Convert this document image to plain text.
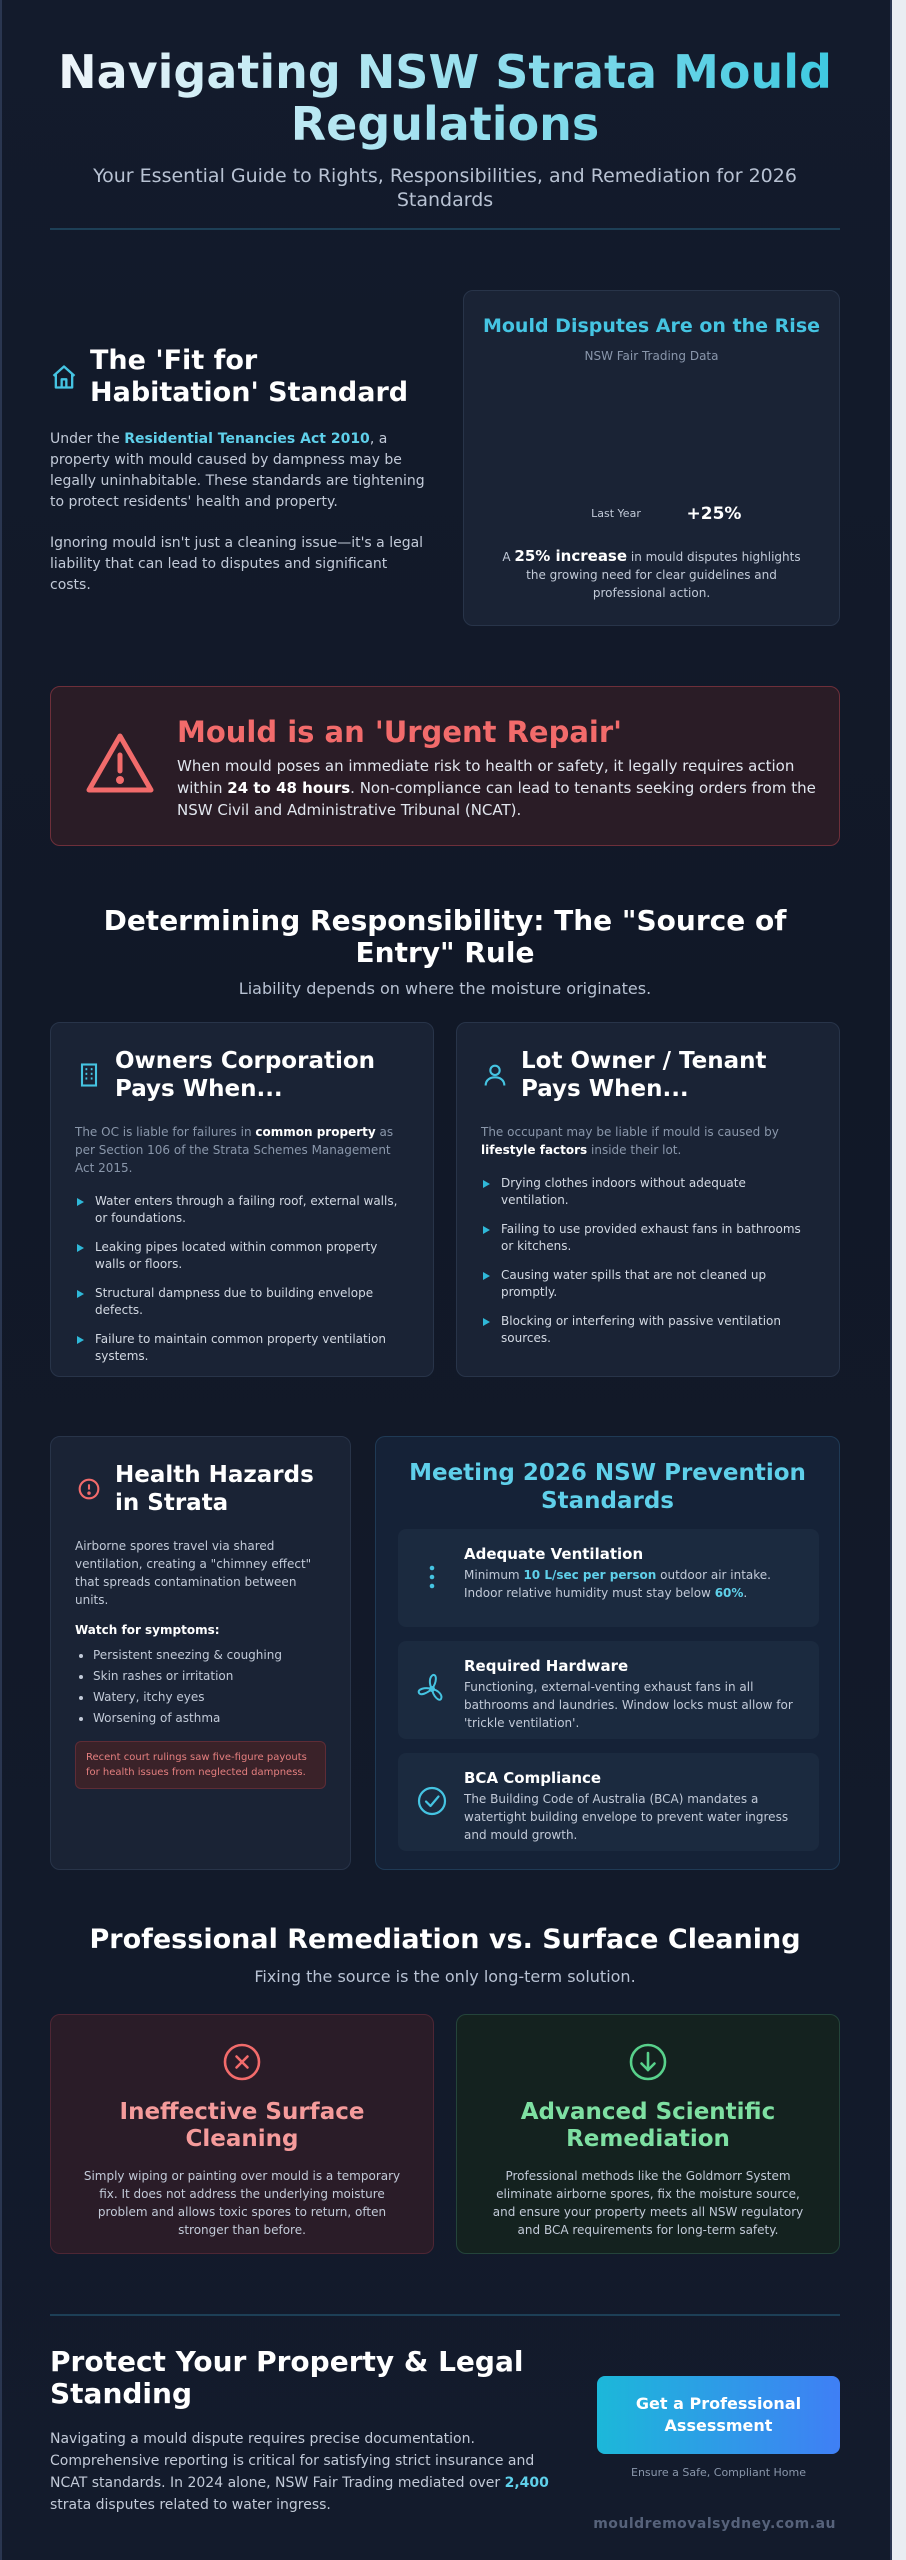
Navigating NSW Strata Mould Regulations

Your Essential Guide to Rights, Responsibilities, and Remediation for 2026 Standards

The 'Fit for Habitation' Standard

Under the Residential Tenancies Act 2010, a property with mould caused by dampness may be legally uninhabitable. These standards are tightening to protect residents' health and property.

Ignoring mould isn't just a cleaning issue—it's a legal liability that can lead to disputes and significant costs.

Mould Disputes Are on the Rise
NSW Fair Trading Data
Last Year	+25%

A 25% increase in mould disputes highlights the growing need for clear guidelines and professional action.

Mould is an 'Urgent Repair'

When mould poses an immediate risk to health or safety, it legally requires action within 24 to 48 hours. Non-compliance can lead to tenants seeking orders from the NSW Civil and Administrative Tribunal (NCAT).

Determining Responsibility: The "Source of Entry" Rule

Liability depends on where the moisture originates.

Owners Corporation Pays When...

The OC is liable for failures in common property as per Section 106 of the Strata Schemes Management Act 2015.

Water enters through a failing roof, external walls, or foundations.
Leaking pipes located within common property walls or floors.
Structural dampness due to building envelope defects.
Failure to maintain common property ventilation systems.
Lot Owner / Tenant Pays When...

The occupant may be liable if mould is caused by lifestyle factors inside their lot.

Drying clothes indoors without adequate ventilation.
Failing to use provided exhaust fans in bathrooms or kitchens.
Causing water spills that are not cleaned up promptly.
Blocking or interfering with passive ventilation sources.
Health Hazards in Strata

Airborne spores travel via shared ventilation, creating a "chimney effect" that spreads contamination between units.

Watch for symptoms:
• Persistent sneezing & coughing
• Skin rashes or irritation
• Watery, itchy eyes
• Worsening of asthma
Recent court rulings saw five-figure payouts for health issues from neglected dampness.
Meeting 2026 NSW Prevention Standards
Adequate Ventilation

Minimum 10 L/sec per person outdoor air intake. Indoor relative humidity must stay below 60%.

Required Hardware

Functioning, external-venting exhaust fans in all bathrooms and laundries. Window locks must allow for 'trickle ventilation'.

BCA Compliance

The Building Code of Australia (BCA) mandates a watertight building envelope to prevent water ingress and mould growth.

Professional Remediation vs. Surface Cleaning

Fixing the source is the only long-term solution.

Ineffective Surface Cleaning

Simply wiping or painting over mould is a temporary fix. It does not address the underlying moisture problem and allows toxic spores to return, often stronger than before.

Advanced Scientific Remediation

Professional methods like the Goldmorr System eliminate airborne spores, fix the moisture source, and ensure your property meets all NSW regulatory and BCA requirements for long-term safety.

Protect Your Property & Legal Standing

Navigating a mould dispute requires precise documentation. Comprehensive reporting is critical for satisfying strict insurance and NCAT standards. In 2024 alone, NSW Fair Trading mediated over 2,400 strata disputes related to water ingress.

Get a Professional Assessment
Ensure a Safe, Compliant Home
mouldremovalsydney.com.au
